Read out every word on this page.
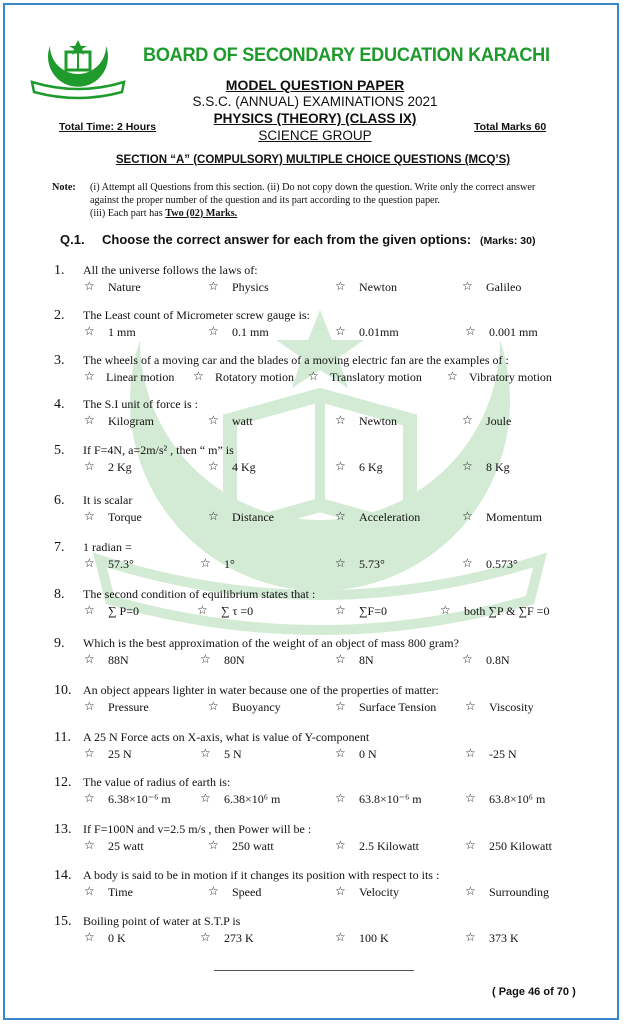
BOARD OF SECONDARY EDUCATION KARACHI
MODEL QUESTION PAPER
S.S.C. (ANNUAL) EXAMINATIONS 2021
PHYSICS (THEORY) (CLASS IX)
SCIENCE GROUP
Total Time: 2 Hours	Total Marks 60
SECTION “A” (COMPULSORY) MULTIPLE CHOICE QUESTIONS (MCQ’S)
Note: (i) Attempt all Questions from this section. (ii) Do not copy down the question. Write only the correct answer against the proper number of the question and its part according to the question paper.
(iii) Each part has Two (02) Marks.
Q.1. Choose the correct answer for each from the given options: (Marks: 30)
1. All the universe follows the laws of:
☆ Nature	☆ Physics	☆ Newton	☆ Galileo
2. The Least count of Micrometer screw gauge is:
☆ 1 mm	☆ 0.1 mm	☆ 0.01mm	☆ 0.001 mm
3. The wheels of a moving car and the blades of a moving electric fan are the examples of :
☆ Linear motion ☆ Rotatory motion ☆ Translatory motion ☆ Vibratory motion
4. The S.I unit of force is :
☆ Kilogram	☆ watt	☆ Newton	☆ Joule
5. If F=4N, a=2m/s² , then “ m” is
☆ 2 Kg	☆ 4 Kg	☆ 6 Kg	☆ 8 Kg
6. It is scalar
☆ Torque	☆ Distance	☆ Acceleration	☆ Momentum
7. 1 radian =
☆ 57.3°	☆ 1°	☆ 5.73°	☆ 0.573°
8. The second condition of equilibrium states that :
☆ ∑ P=0	☆ ∑ τ =0	☆ ∑F=0	☆ both ∑P & ∑F =0
9. Which is the best approximation of the weight of an object of mass 800 gram?
☆ 88N	☆ 80N	☆ 8N	☆ 0.8N
10. An object appears lighter in water because one of the properties of matter:
☆ Pressure	☆ Buoyancy	☆ Surface Tension ☆ Viscosity
11. A 25 N Force acts on X-axis, what is value of Y-component
☆ 25 N	☆ 5 N	☆ 0 N	☆ -25 N
12. The value of radius of earth is:
☆ 6.38×10⁻⁶ m ☆ 6.38×10⁶ m	☆ 63.8×10⁻⁶ m	☆ 63.8×10⁶ m
13. If F=100N and v=2.5 m/s , then Power will be :
☆ 25 watt	☆ 250 watt	☆ 2.5 Kilowatt	☆ 250 Kilowatt
14. A body is said to be in motion if it changes its position with respect to its :
☆ Time	☆ Speed	☆ Velocity	☆ Surrounding
15. Boiling point of water at S.T.P is
☆ 0 K	☆ 273 K	☆ 100 K	☆ 373 K
( Page 46 of 70 )
